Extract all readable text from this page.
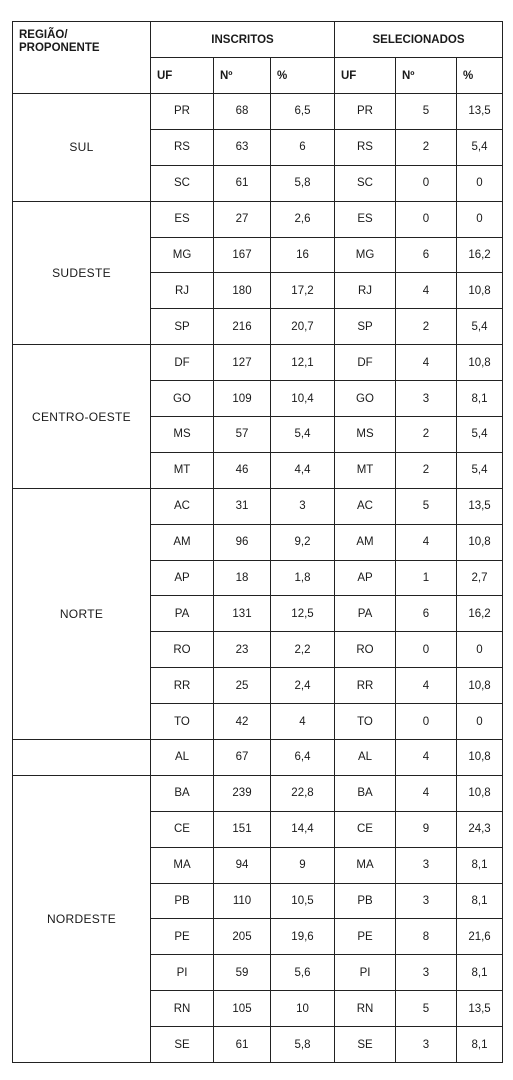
REGIÃO/
PROPONENTE	INSCRITOS			SELECIONADOS		
	UF	Nº	%	UF	Nº	%
SUL	PR	68	6,5	PR	5	13,5
	RS	63	6	RS	2	5,4
	SC	61	5,8	SC	0	0
SUDESTE	ES	27	2,6	ES	0	0
	MG	167	16	MG	6	16,2
	RJ	180	17,2	RJ	4	10,8
	SP	216	20,7	SP	2	5,4
CENTRO-OESTE	DF	127	12,1	DF	4	10,8
	GO	109	10,4	GO	3	8,1
	MS	57	5,4	MS	2	5,4
	MT	46	4,4	MT	2	5,4
NORTE	AC	31	3	AC	5	13,5
	AM	96	9,2	AM	4	10,8
	AP	18	1,8	AP	1	2,7
	PA	131	12,5	PA	6	16,2
	RO	23	2,2	RO	0	0
	RR	25	2,4	RR	4	10,8
	TO	42	4	TO	0	0
	AL	67	6,4	AL	4	10,8
NORDESTE	BA	239	22,8	BA	4	10,8
	CE	151	14,4	CE	9	24,3
	MA	94	9	MA	3	8,1
	PB	110	10,5	PB	3	8,1
	PE	205	19,6	PE	8	21,6
	PI	59	5,6	PI	3	8,1
	RN	105	10	RN	5	13,5
	SE	61	5,8	SE	3	8,1
